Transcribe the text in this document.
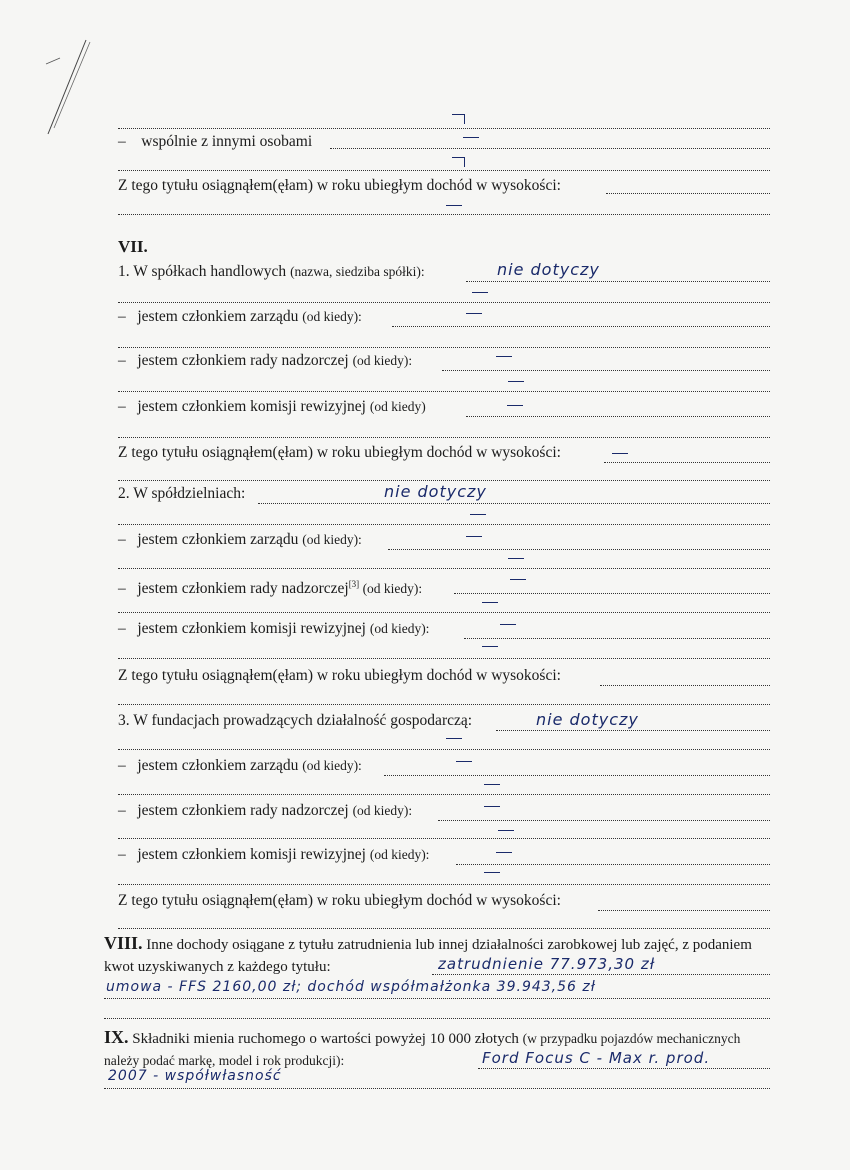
–    wspólnie z innymi osobami
Z tego tytułu osiągnąłem(ęłam) w roku ubiegłym dochód w wysokości:
VII.
1. W spółkach handlowych (nazwa, siedziba spółki):	nie dotyczy
–   jestem członkiem zarządu (od kiedy):
–   jestem członkiem rady nadzorczej (od kiedy):
–   jestem członkiem komisji rewizyjnej (od kiedy)
Z tego tytułu osiągnąłem(ęłam) w roku ubiegłym dochód w wysokości:
2. W spółdzielniach:	nie dotyczy
–   jestem członkiem zarządu (od kiedy):
–   jestem członkiem rady nadzorczej[3] (od kiedy):
–   jestem członkiem komisji rewizyjnej (od kiedy):
Z tego tytułu osiągnąłem(ęłam) w roku ubiegłym dochód w wysokości:
3. W fundacjach prowadzących działalność gospodarczą:	nie dotyczy
–   jestem członkiem zarządu (od kiedy):
–   jestem członkiem rady nadzorczej (od kiedy):
–   jestem członkiem komisji rewizyjnej (od kiedy):
Z tego tytułu osiągnąłem(ęłam) w roku ubiegłym dochód w wysokości:
VIII. Inne dochody osiągane z tytułu zatrudnienia lub innej działalności zarobkowej lub zajęć, z podaniem kwot uzyskiwanych z każdego tytułu:	zatrudnienie 77.973,30 zł
umowa - FFS 2160,00 zł; dochód współmałżonka 39.943,56 zł
IX. Składniki mienia ruchomego o wartości powyżej 10 000 złotych (w przypadku pojazdów mechanicznych należy podać markę, model i rok produkcji):	Ford Focus C - Max r. prod.
2007 - współwłasność
